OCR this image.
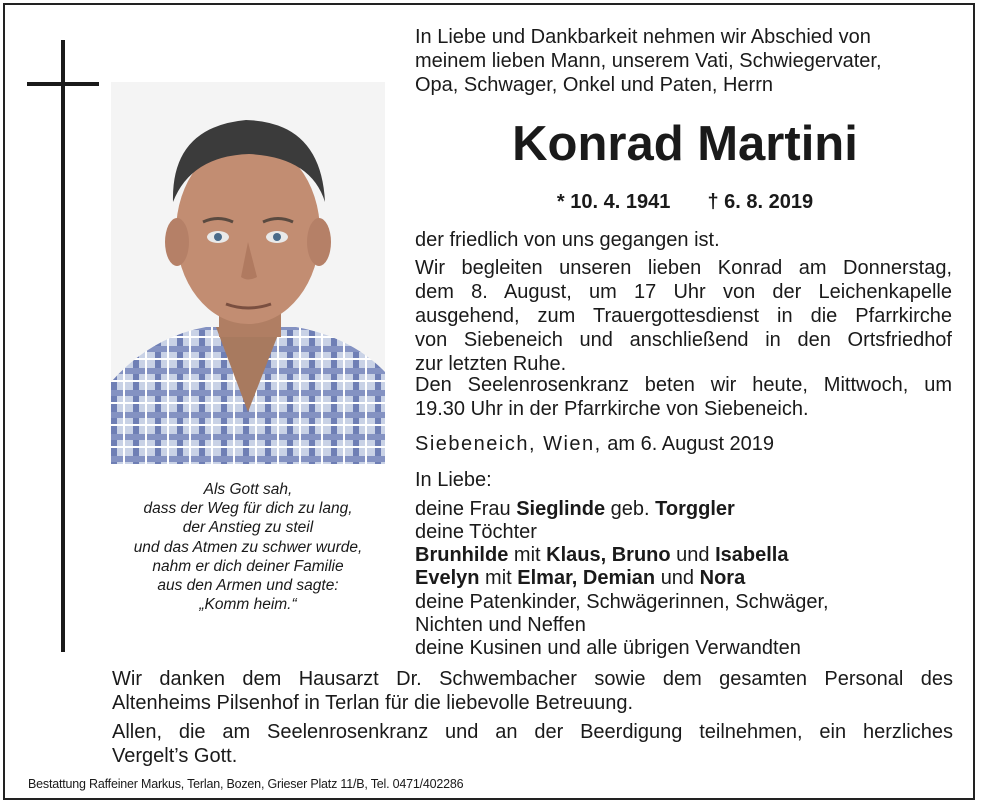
Als Gott sah,
dass der Weg für dich zu lang,
der Anstieg zu steil
und das Atmen zu schwer wurde,
nahm er dich deiner Familie
aus den Armen und sagte:
„Komm heim.“
In Liebe und Dankbarkeit nehmen wir Abschied von
meinem lieben Mann, unserem Vati, Schwiegervater,
Opa, Schwager, Onkel und Paten, Herrn
Konrad Martini
* 10. 4. 1941 † 6. 8. 2019
der friedlich von uns gegangen ist.
Wir begleiten unseren lieben Konrad am Donnerstag,
dem 8. August, um 17 Uhr von der Leichenkapelle
ausgehend, zum Trauergottesdienst in die Pfarrkirche
von Siebeneich und anschließend in den Ortsfriedhof
zur letzten Ruhe.
Den Seelenrosenkranz beten wir heute, Mittwoch, um
19.30 Uhr in der Pfarrkirche von Siebeneich.
Siebeneich, Wien, am 6. August 2019
In Liebe:
deine Frau Sieglinde geb. Torggler
deine Töchter
Brunhilde mit Klaus, Bruno und Isabella
Evelyn mit Elmar, Demian und Nora
deine Patenkinder, Schwägerinnen, Schwäger,
Nichten und Neffen
deine Kusinen und alle übrigen Verwandten
Wir danken dem Hausarzt Dr. Schwembacher sowie dem gesamten Personal des
Altenheims Pilsenhof in Terlan für die liebevolle Betreuung.
Allen, die am Seelenrosenkranz und an der Beerdigung teilnehmen, ein herzliches
Vergelt’s Gott.
Bestattung Raffeiner Markus, Terlan, Bozen, Grieser Platz 11/B, Tel. 0471/402286
